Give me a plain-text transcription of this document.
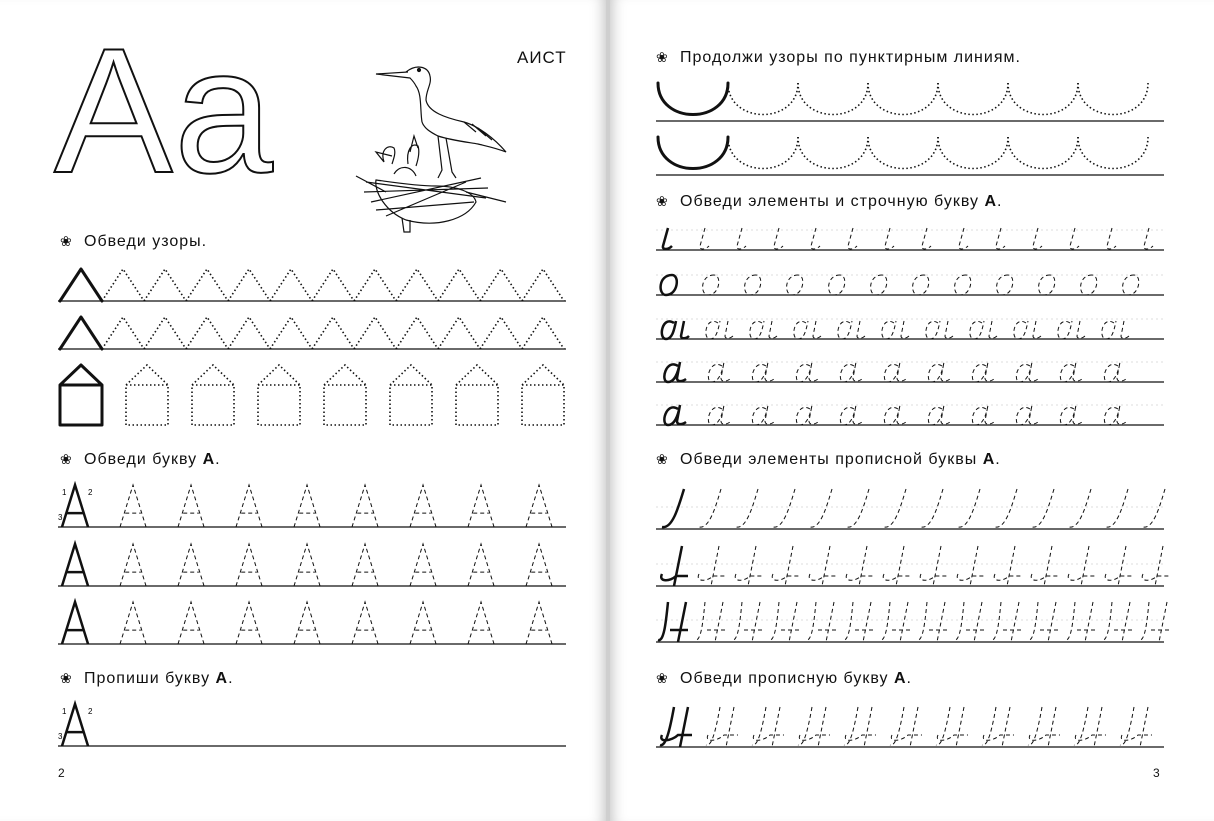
A a	АИСТ
❀ Обведи узоры.
❀ Обведи букву А.
1	2
3
❀ Пропиши букву А.
1	2
3
2
❀ Продолжи узоры по пунктирным линиям.
❀ Обведи элементы и строчную букву А.
❀ Обведи элементы прописной буквы А.
❀ Обведи прописную букву А.
3
